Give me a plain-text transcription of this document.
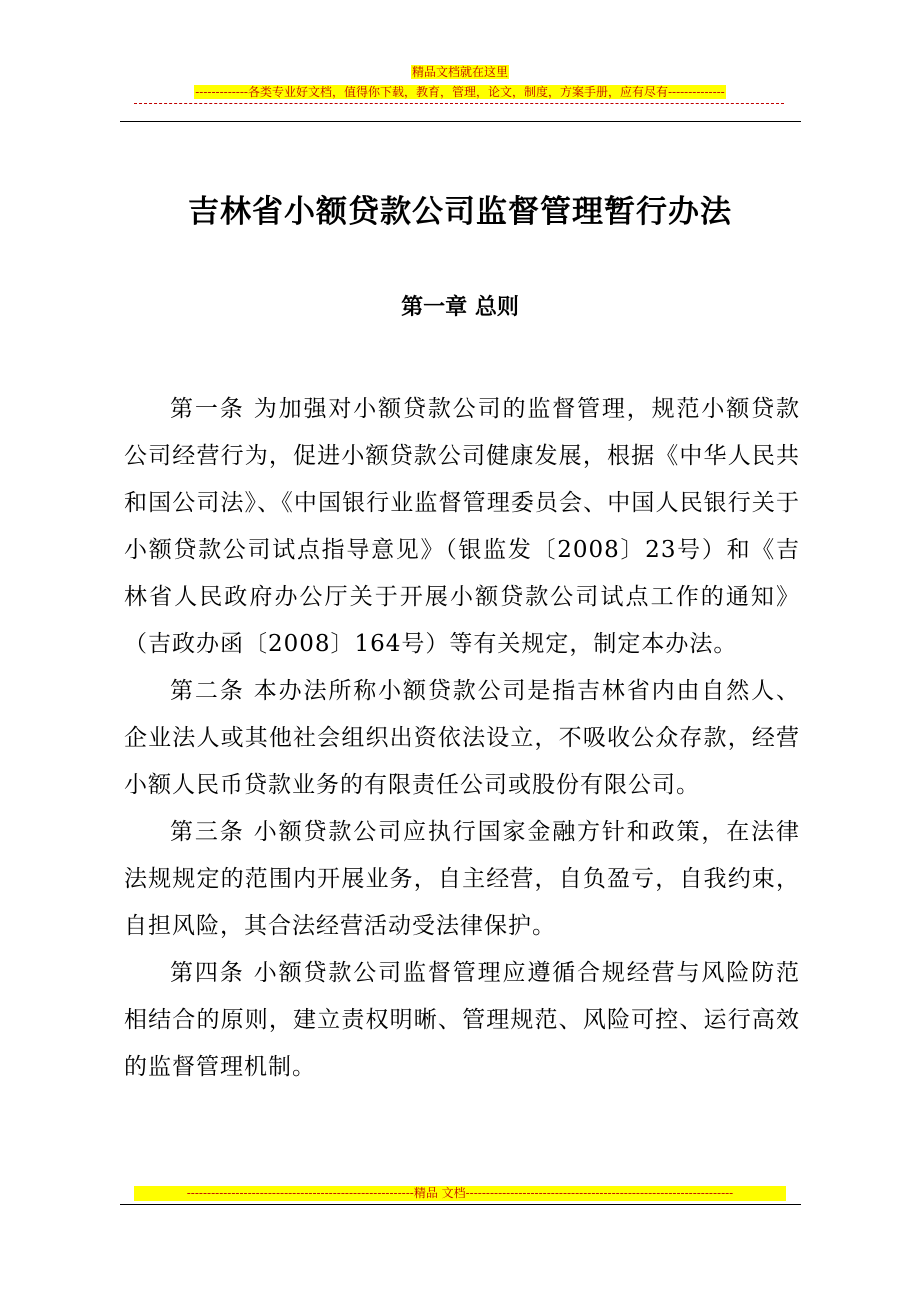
精品文档就在这里
-------------各类专业好文档，值得你下载，教育，管理，论文，制度，方案手册，应有尽有--------------
吉林省小额贷款公司监督管理暂行办法
第一章 总则

第一条 为加强对小额贷款公司的监督管理，规范小额贷款公司经营行为，促进小额贷款公司健康发展，根据《中华人民共和国公司法》、《中国银行业监督管理委员会、中国人民银行关于小额贷款公司试点指导意见》（银监发〔2008〕23号）和《吉林省人民政府办公厅关于开展小额贷款公司试点工作的通知》（吉政办函〔2008〕164号）等有关规定，制定本办法。

第二条 本办法所称小额贷款公司是指吉林省内由自然人、企业法人或其他社会组织出资依法设立，不吸收公众存款，经营小额人民币贷款业务的有限责任公司或股份有限公司。

第三条 小额贷款公司应执行国家金融方针和政策，在法律法规规定的范围内开展业务，自主经营，自负盈亏，自我约束，自担风险，其合法经营活动受法律保护。

第四条 小额贷款公司监督管理应遵循合规经营与风险防范相结合的原则，建立责权明晰、管理规范、风险可控、运行高效的监督管理机制。

--------------------------------------------------------精品 文档------------------------------------------------------------------
